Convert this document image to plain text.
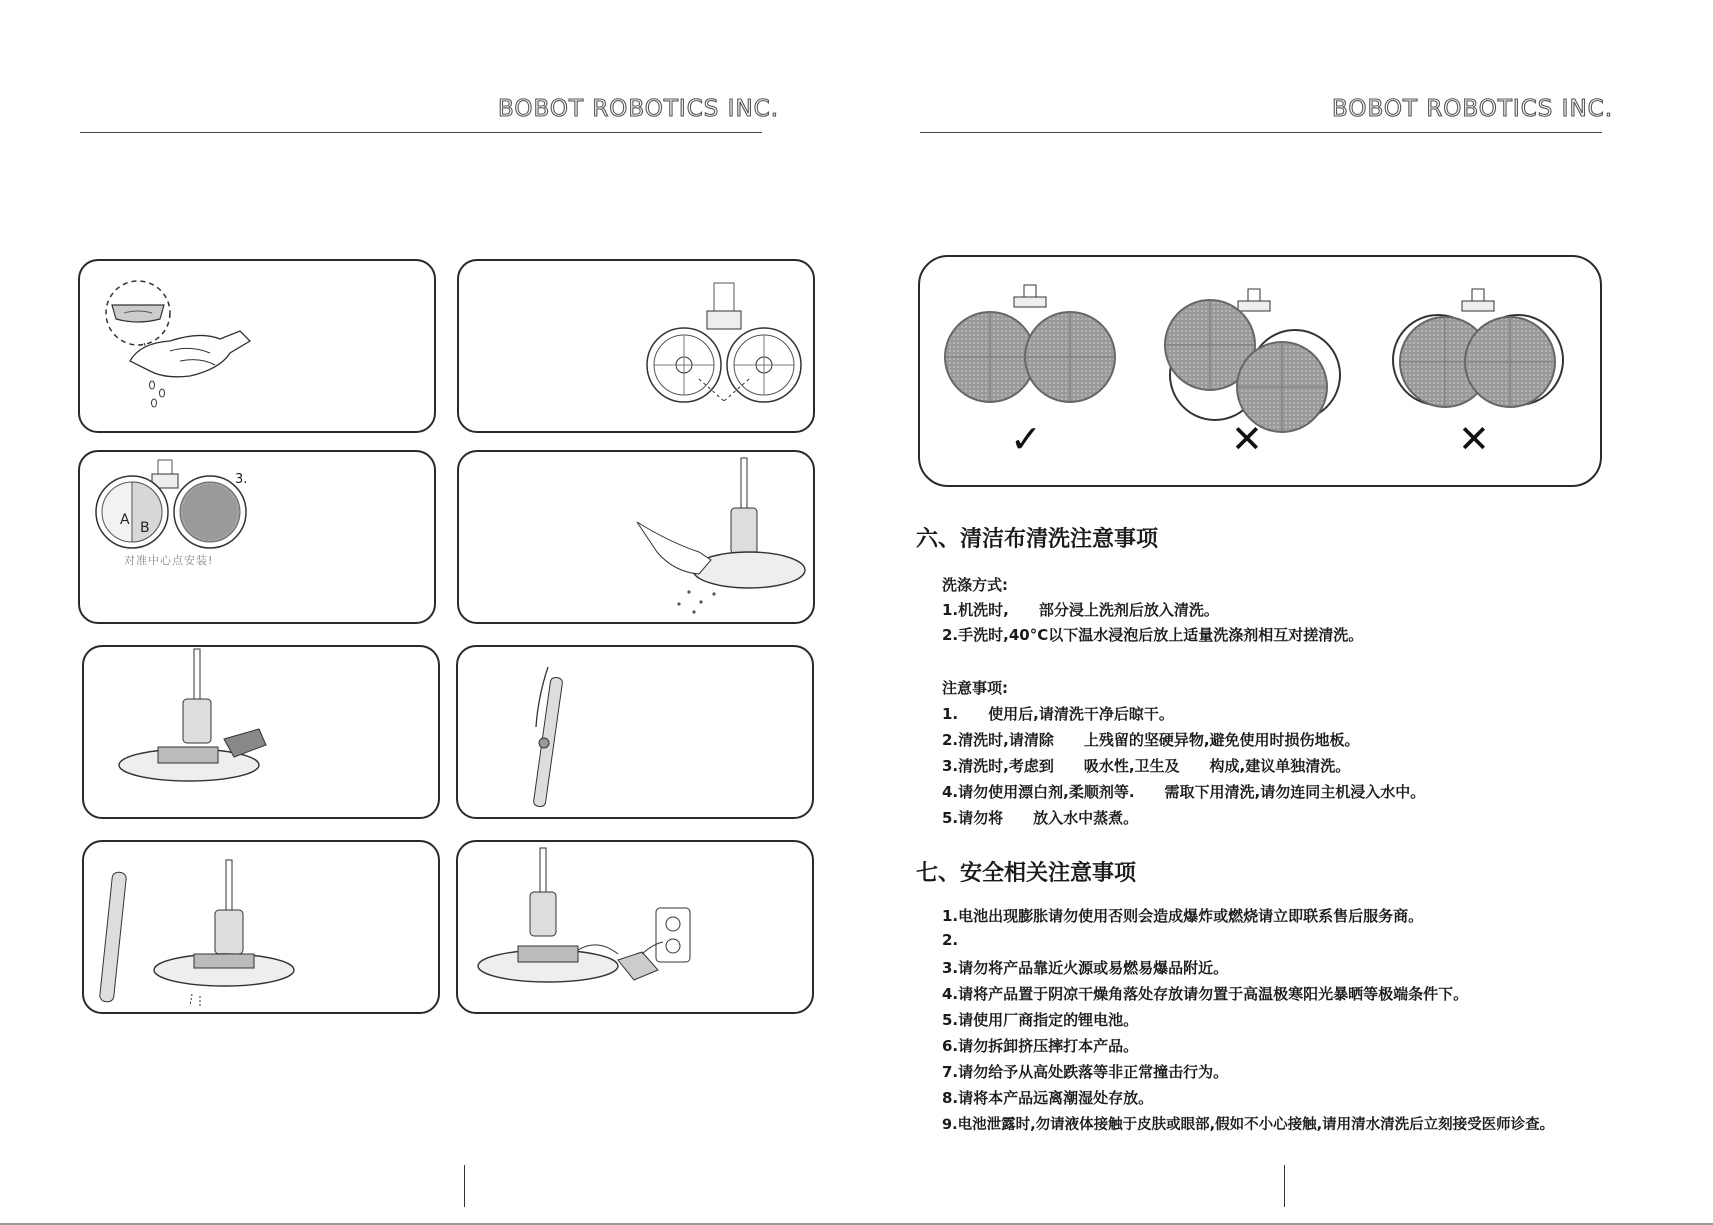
BOBOT ROBOTICS INC.
3.
A B
对准中心点安装!
BOBOT ROBOTICS INC.
✓	✕	✕
六、清洁布清洗注意事项
洗涤方式:
1.机洗时,　　部分浸上洗剂后放入清洗。
2.手洗时,40°C以下温水浸泡后放上适量洗涤剂相互对搓清洗。
注意事项:
1.　　使用后,请清洗干净后晾干。
2.清洗时,请清除　　上残留的坚硬异物,避免使用时损伤地板。
3.清洗时,考虑到　　吸水性,卫生及　　构成,建议单独清洗。
4.请勿使用漂白剂,柔顺剂等.　　需取下用清洗,请勿连同主机浸入水中。
5.请勿将　　放入水中蒸煮。
七、安全相关注意事项
1.电池出现膨胀请勿使用否则会造成爆炸或燃烧请立即联系售后服务商。
2.
3.请勿将产品靠近火源或易燃易爆品附近。
4.请将产品置于阴凉干燥角落处存放请勿置于高温极寒阳光暴晒等极端条件下。
5.请使用厂商指定的锂电池。
6.请勿拆卸挤压摔打本产品。
7.请勿给予从高处跌落等非正常撞击行为。
8.请将本产品远离潮湿处存放。
9.电池泄露时,勿请液体接触于皮肤或眼部,假如不小心接触,请用清水清洗后立刻接受医师诊查。
